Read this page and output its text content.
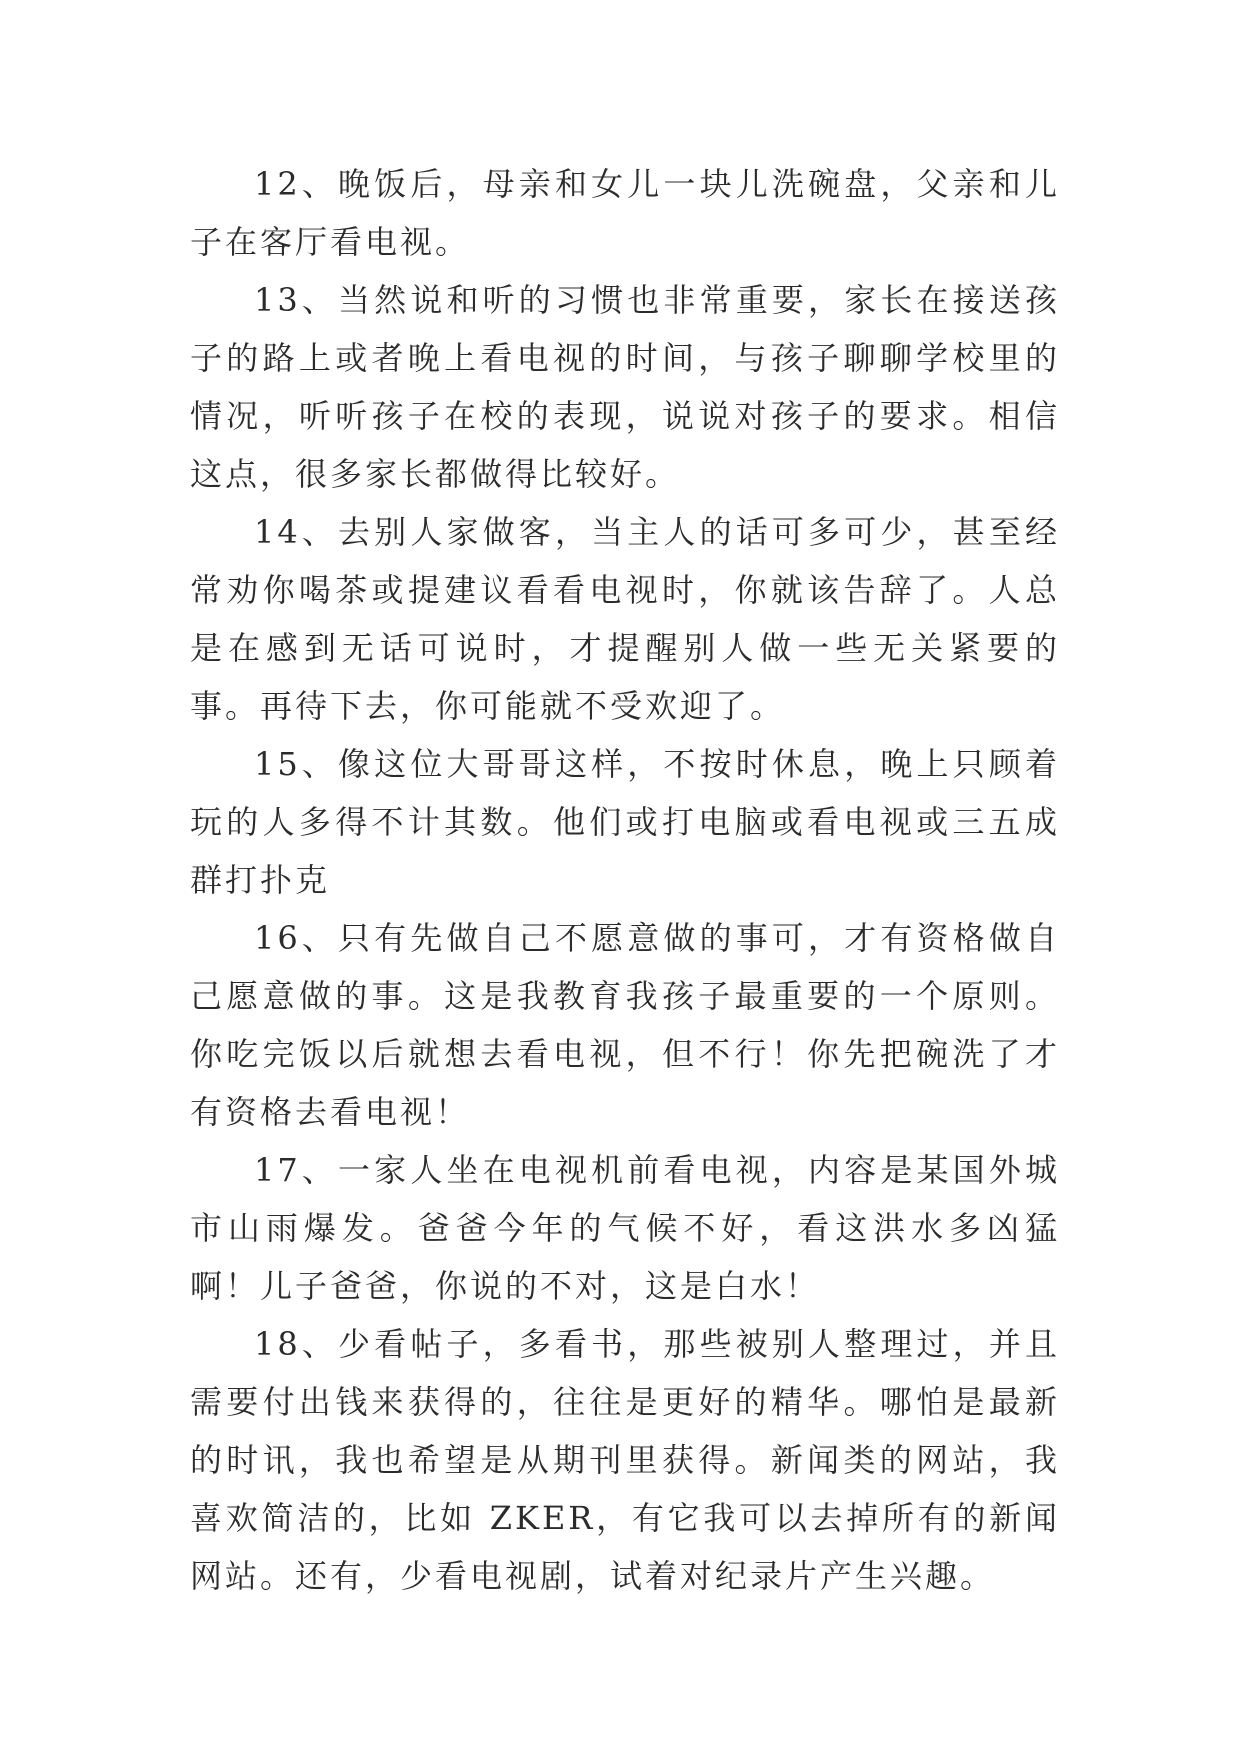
12、晚饭后，母亲和女儿一块儿洗碗盘，父亲和儿子在客厅看电视。

13、当然说和听的习惯也非常重要，家长在接送孩子的路上或者晚上看电视的时间，与孩子聊聊学校里的情况，听听孩子在校的表现，说说对孩子的要求。相信这点，很多家长都做得比较好。

14、去别人家做客，当主人的话可多可少，甚至经常劝你喝茶或提建议看看电视时，你就该告辞了。人总是在感到无话可说时，才提醒别人做一些无关紧要的事。再待下去，你可能就不受欢迎了。

15、像这位大哥哥这样，不按时休息，晚上只顾着玩的人多得不计其数。他们或打电脑或看电视或三五成群打扑克

16、只有先做自己不愿意做的事可，才有资格做自己愿意做的事。这是我教育我孩子最重要的一个原则。你吃完饭以后就想去看电视，但不行！你先把碗洗了才有资格去看电视！

17、一家人坐在电视机前看电视，内容是某国外城市山雨爆发。爸爸今年的气候不好，看这洪水多凶猛啊！儿子爸爸，你说的不对，这是白水！

18、少看帖子，多看书，那些被别人整理过，并且需要付出钱来获得的，往往是更好的精华。哪怕是最新的时讯，我也希望是从期刊里获得。新闻类的网站，我喜欢简洁的，比如 ZKER，有它我可以去掉所有的新闻网站。还有，少看电视剧，试着对纪录片产生兴趣。
